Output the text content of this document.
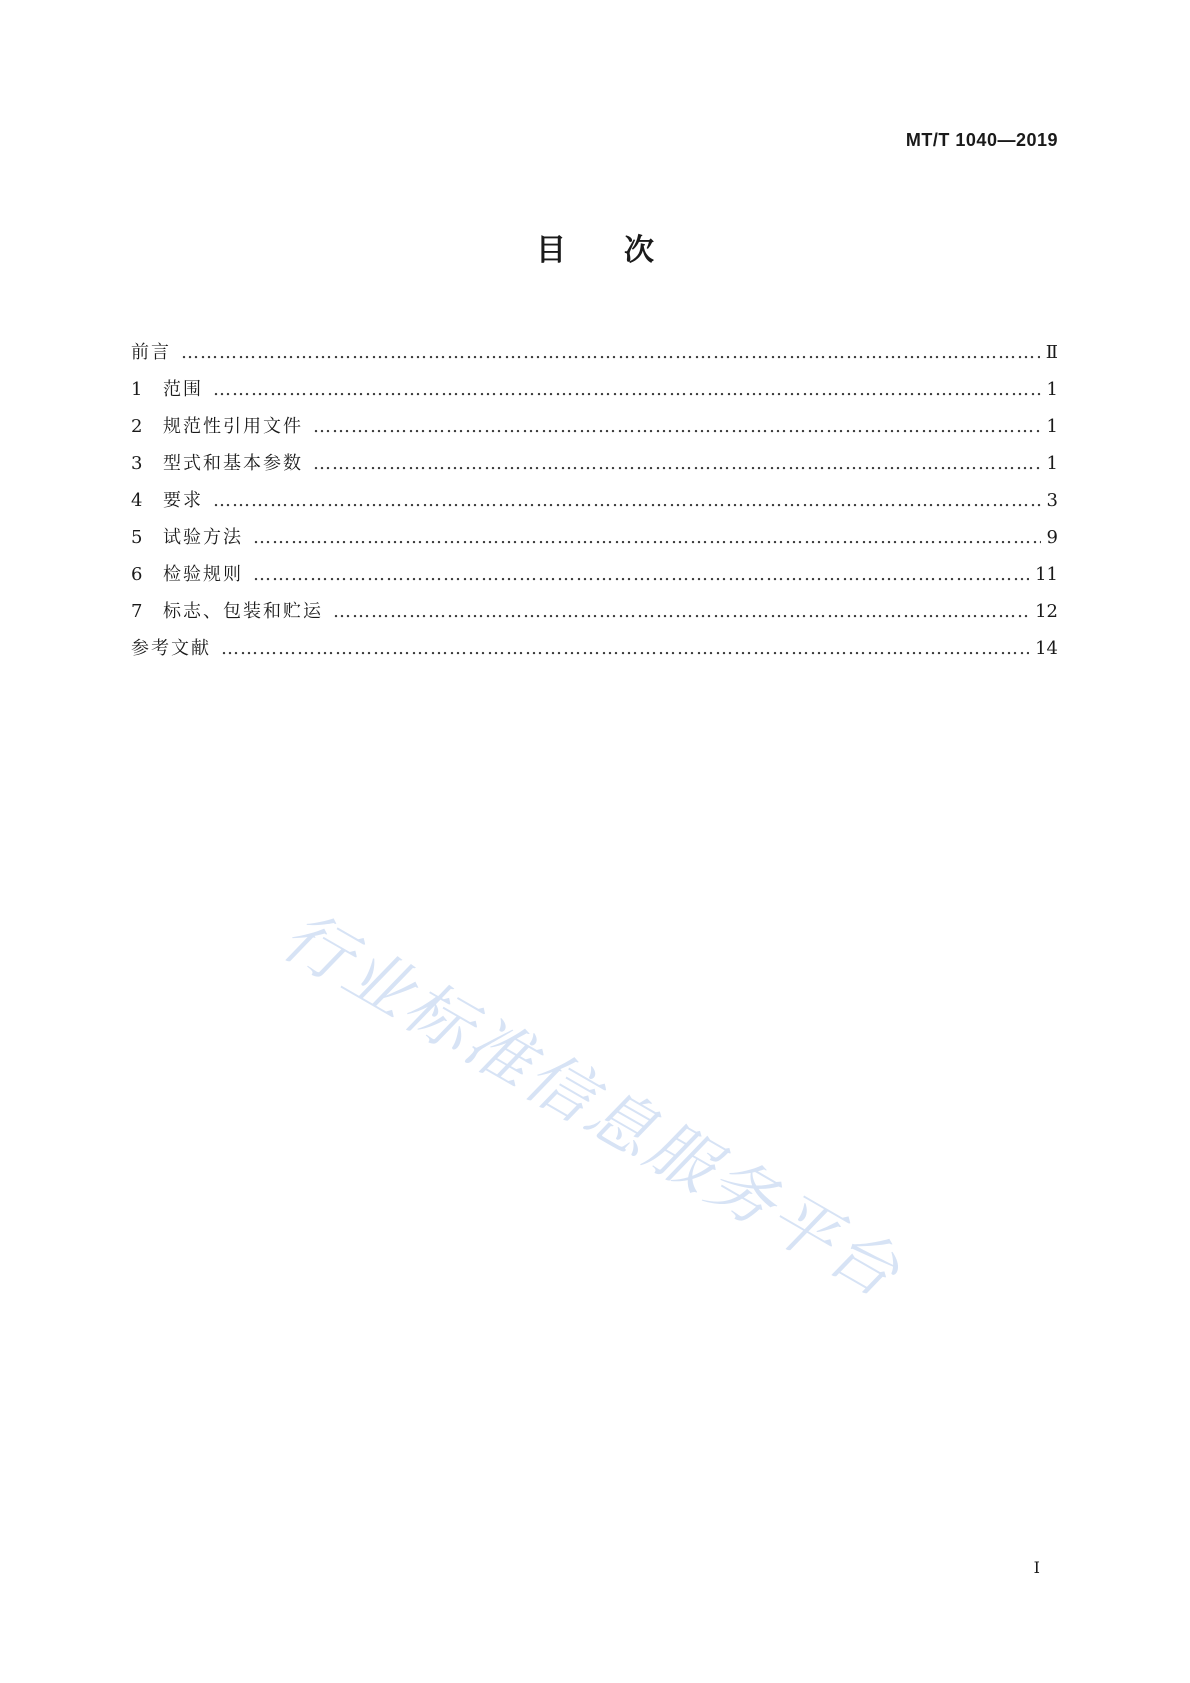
MT/T 1040—2019
目次
前言 ……………………………………………………………………………………………………………………………………………………………………………………………………………………………………	Ⅱ
1	范围 ……………………………………………………………………………………………………………………………………………………………………………………………………………………………………	1
2	规范性引用文件 ……………………………………………………………………………………………………………………………………………………………………………………………………………………………………	1
3	型式和基本参数 ……………………………………………………………………………………………………………………………………………………………………………………………………………………………………	1
4	要求 ……………………………………………………………………………………………………………………………………………………………………………………………………………………………………	3
5	试验方法 ……………………………………………………………………………………………………………………………………………………………………………………………………………………………………	9
6	检验规则 ……………………………………………………………………………………………………………………………………………………………………………………………………………………………………	11
7	标志、包装和贮运 ……………………………………………………………………………………………………………………………………………………………………………………………………………………………………	12
参考文献 ……………………………………………………………………………………………………………………………………………………………………………………………………………………………………	14
行业标准信息服务平台
Ⅰ
